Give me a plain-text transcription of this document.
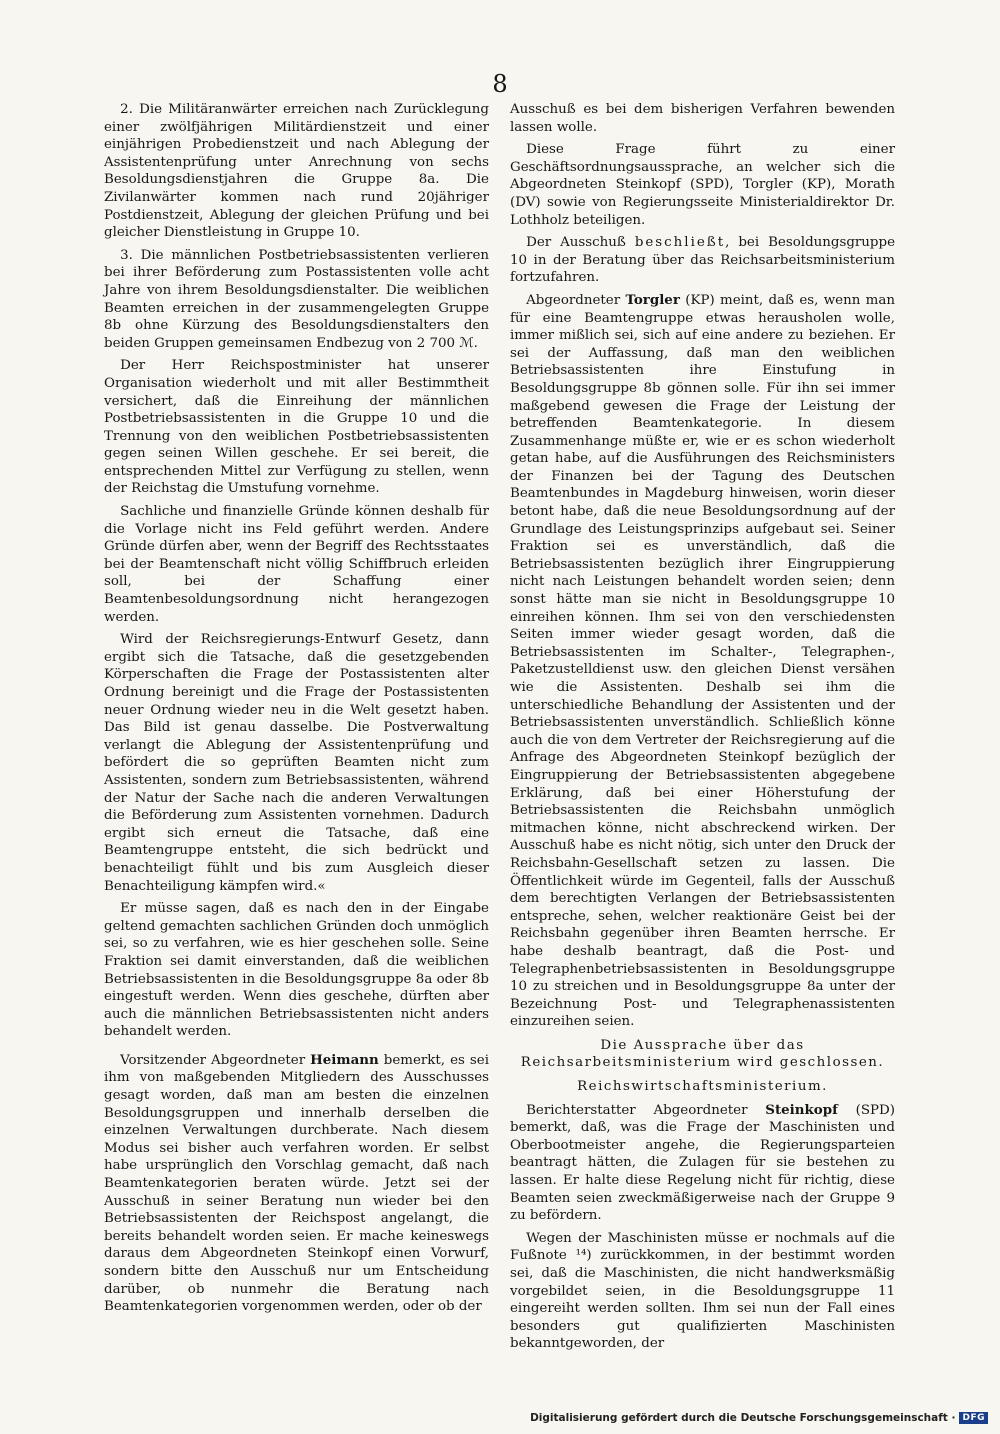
8

2. Die Militäranwärter erreichen nach Zurücklegung einer zwölfjährigen Militärdienstzeit und einer einjährigen Probedienstzeit und nach Ablegung der Assistentenprüfung unter Anrechnung von sechs Besoldungsdienstjahren die Gruppe 8a. Die Zivilanwärter kommen nach rund 20jähriger Postdienstzeit, Ablegung der gleichen Prüfung und bei gleicher Dienstleistung in Gruppe 10.

3. Die männlichen Postbetriebsassistenten verlieren bei ihrer Beförderung zum Postassistenten volle acht Jahre von ihrem Besoldungsdienstalter. Die weiblichen Beamten erreichen in der zusammengelegten Gruppe 8b ohne Kürzung des Besoldungsdienstalters den beiden Gruppen gemeinsamen Endbezug von 2 700 ℳ.

Der Herr Reichspostminister hat unserer Organisation wiederholt und mit aller Bestimmtheit versichert, daß die Einreihung der männlichen Postbetriebsassistenten in die Gruppe 10 und die Trennung von den weiblichen Postbetriebsassistenten gegen seinen Willen geschehe. Er sei bereit, die entsprechenden Mittel zur Verfügung zu stellen, wenn der Reichstag die Umstufung vornehme.

Sachliche und finanzielle Gründe können deshalb für die Vorlage nicht ins Feld geführt werden. Andere Gründe dürfen aber, wenn der Begriff des Rechtsstaates bei der Beamtenschaft nicht völlig Schiffbruch erleiden soll, bei der Schaffung einer Beamtenbesoldungsordnung nicht herangezogen werden.

Wird der Reichsregierungs-Entwurf Gesetz, dann ergibt sich die Tatsache, daß die gesetzgebenden Körperschaften die Frage der Postassistenten alter Ordnung bereinigt und die Frage der Postassistenten neuer Ordnung wieder neu in die Welt gesetzt haben. Das Bild ist genau dasselbe. Die Postverwaltung verlangt die Ablegung der Assistentenprüfung und befördert die so geprüften Beamten nicht zum Assistenten, sondern zum Betriebsassistenten, während der Natur der Sache nach die anderen Verwaltungen die Beförderung zum Assistenten vornehmen. Dadurch ergibt sich erneut die Tatsache, daß eine Beamtengruppe entsteht, die sich bedrückt und benachteiligt fühlt und bis zum Ausgleich dieser Benachteiligung kämpfen wird.«

Er müsse sagen, daß es nach den in der Eingabe geltend gemachten sachlichen Gründen doch unmöglich sei, so zu verfahren, wie es hier geschehen solle. Seine Fraktion sei damit einverstanden, daß die weiblichen Betriebsassistenten in die Besoldungsgruppe 8a oder 8b eingestuft werden. Wenn dies geschehe, dürften aber auch die männlichen Betriebsassistenten nicht anders behandelt werden.

Vorsitzender Abgeordneter Heimann bemerkt, es sei ihm von maßgebenden Mitgliedern des Ausschusses gesagt worden, daß man am besten die einzelnen Besoldungsgruppen und innerhalb derselben die einzelnen Verwaltungen durchberate. Nach diesem Modus sei bisher auch verfahren worden. Er selbst habe ursprünglich den Vorschlag gemacht, daß nach Beamtenkategorien beraten würde. Jetzt sei der Ausschuß in seiner Beratung nun wieder bei den Betriebsassistenten der Reichspost angelangt, die bereits behandelt worden seien. Er mache keineswegs daraus dem Abgeordneten Steinkopf einen Vorwurf, sondern bitte den Ausschuß nur um Entscheidung darüber, ob nunmehr die Beratung nach Beamtenkategorien vorgenommen werden, oder ob der

Ausschuß es bei dem bisherigen Verfahren bewenden lassen wolle.

Diese Frage führt zu einer Geschäftsordnungsaussprache, an welcher sich die Abgeordneten Steinkopf (SPD), Torgler (KP), Morath (DV) sowie von Regierungsseite Ministerialdirektor Dr. Lothholz beteiligen.

Der Ausschuß beschließt, bei Besoldungsgruppe 10 in der Beratung über das Reichsarbeitsministerium fortzufahren.

Abgeordneter Torgler (KP) meint, daß es, wenn man für eine Beamtengruppe etwas herausholen wolle, immer mißlich sei, sich auf eine andere zu beziehen. Er sei der Auffassung, daß man den weiblichen Betriebsassistenten ihre Einstufung in Besoldungsgruppe 8b gönnen solle. Für ihn sei immer maßgebend gewesen die Frage der Leistung der betreffenden Beamtenkategorie. In diesem Zusammenhange müßte er, wie er es schon wiederholt getan habe, auf die Ausführungen des Reichsministers der Finanzen bei der Tagung des Deutschen Beamtenbundes in Magdeburg hinweisen, worin dieser betont habe, daß die neue Besoldungsordnung auf der Grundlage des Leistungsprinzips aufgebaut sei. Seiner Fraktion sei es unverständlich, daß die Betriebsassistenten bezüglich ihrer Eingruppierung nicht nach Leistungen behandelt worden seien; denn sonst hätte man sie nicht in Besoldungsgruppe 10 einreihen können. Ihm sei von den verschiedensten Seiten immer wieder gesagt worden, daß die Betriebsassistenten im Schalter-, Telegraphen-, Paketzustelldienst usw. den gleichen Dienst versähen wie die Assistenten. Deshalb sei ihm die unterschiedliche Behandlung der Assistenten und der Betriebsassistenten unverständlich. Schließlich könne auch die von dem Vertreter der Reichsregierung auf die Anfrage des Abgeordneten Steinkopf bezüglich der Eingruppierung der Betriebsassistenten abgegebene Erklärung, daß bei einer Höherstufung der Betriebsassistenten die Reichsbahn unmöglich mitmachen könne, nicht abschreckend wirken. Der Ausschuß habe es nicht nötig, sich unter den Druck der Reichsbahn-Gesellschaft setzen zu lassen. Die Öffentlichkeit würde im Gegenteil, falls der Ausschuß dem berechtigten Verlangen der Betriebsassistenten entspreche, sehen, welcher reaktionäre Geist bei der Reichsbahn gegenüber ihren Beamten herrsche. Er habe deshalb beantragt, daß die Post- und Telegraphenbetriebsassistenten in Besoldungsgruppe 10 zu streichen und in Besoldungsgruppe 8a unter der Bezeichnung Post- und Telegraphenassistenten einzureihen seien.

Die Aussprache über das Reichsarbeitsministerium wird geschlossen.

Reichswirtschaftsministerium.

Berichterstatter Abgeordneter Steinkopf (SPD) bemerkt, daß, was die Frage der Maschinisten und Oberbootmeister angehe, die Regierungsparteien beantragt hätten, die Zulagen für sie bestehen zu lassen. Er halte diese Regelung nicht für richtig, diese Beamten seien zweckmäßigerweise nach der Gruppe 9 zu befördern.

Wegen der Maschinisten müsse er nochmals auf die Fußnote ¹⁴) zurückkommen, in der bestimmt worden sei, daß die Maschinisten, die nicht handwerksmäßig vorgebildet seien, in die Besoldungsgruppe 11 eingereiht werden sollten. Ihm sei nun der Fall eines besonders gut qualifizierten Maschinisten bekanntgeworden, der

Digitalisierung gefördert durch die Deutsche Forschungsgemeinschaft · DFG
